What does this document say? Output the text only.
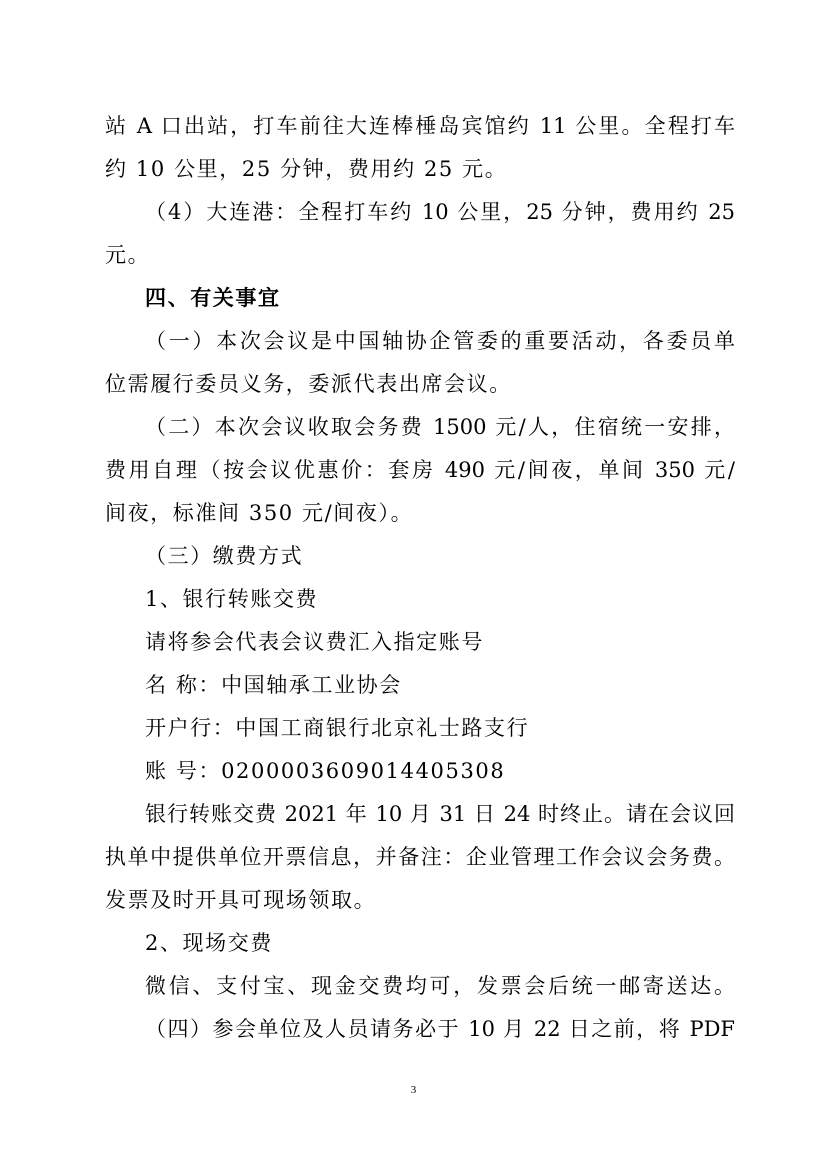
站 A 口出站，打车前往大连棒棰岛宾馆约 11 公里。全程打车
约 10 公里，25 分钟，费用约 25 元。
（4）大连港：全程打车约 10 公里，25 分钟，费用约 25
元。
四、有关事宜
（一）本次会议是中国轴协企管委的重要活动，各委员单
位需履行委员义务，委派代表出席会议。
（二）本次会议收取会务费 1500 元/人，住宿统一安排，
费用自理（按会议优惠价：套房 490 元/间夜，单间 350 元/
间夜，标准间 350 元/间夜）。
（三）缴费方式
1、银行转账交费
请将参会代表会议费汇入指定账号
名 称：中国轴承工业协会
开户行：中国工商银行北京礼士路支行
账 号：0200003609014405308
银行转账交费 2021 年 10 月 31 日 24 时终止。请在会议回
执单中提供单位开票信息，并备注：企业管理工作会议会务费。
发票及时开具可现场领取。
2、现场交费
微信、支付宝、现金交费均可，发票会后统一邮寄送达。
（四）参会单位及人员请务必于 10 月 22 日之前，将 PDF
3
